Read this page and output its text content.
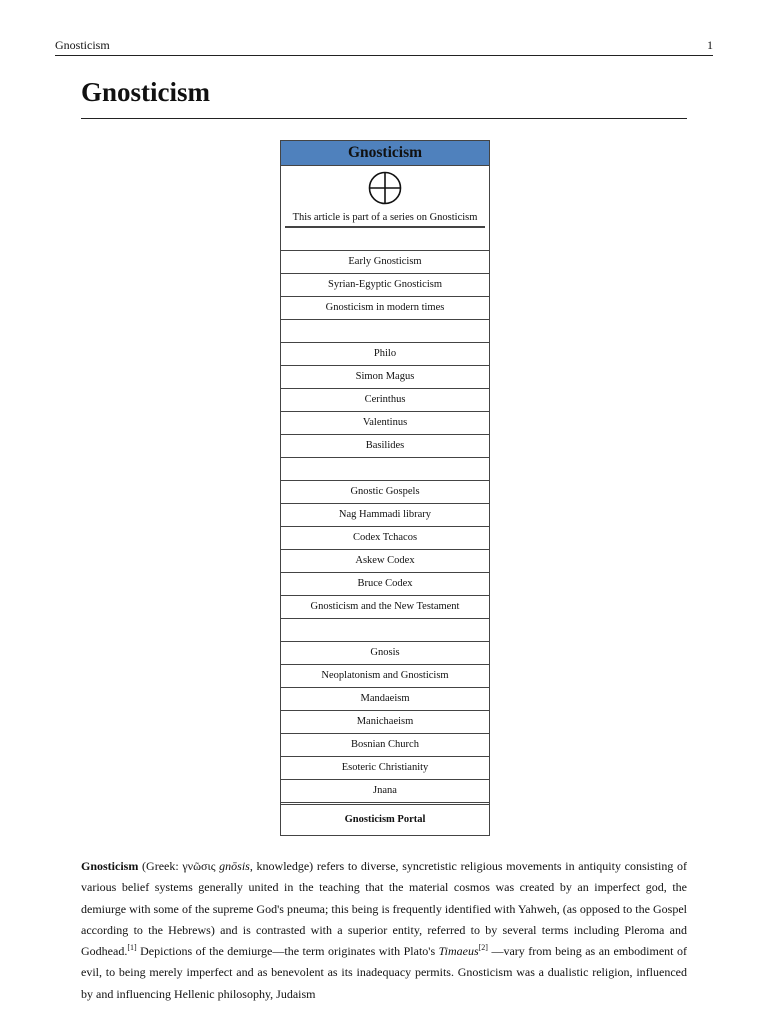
Gnosticism	1
Gnosticism
Gnosticism
This article is part of a series on Gnosticism
Early Gnosticism
Syrian-Egyptic Gnosticism
Gnosticism in modern times
Philo
Simon Magus
Cerinthus
Valentinus
Basilides
Gnostic Gospels
Nag Hammadi library
Codex Tchacos
Askew Codex
Bruce Codex
Gnosticism and the New Testament
Gnosis
Neoplatonism and Gnosticism
Mandaeism
Manichaeism
Bosnian Church
Esoteric Christianity
Jnana
Gnosticism Portal

Gnosticism (Greek: γνῶσις gnōsis, knowledge) refers to diverse, syncretistic religious movements in antiquity consisting of various belief systems generally united in the teaching that the material cosmos was created by an imperfect god, the demiurge with some of the supreme God's pneuma; this being is frequently identified with Yahweh, (as opposed to the Gospel according to the Hebrews) and is contrasted with a superior entity, referred to by several terms including Pleroma and Godhead.[1] Depictions of the demiurge—the term originates with Plato's Timaeus[2] —vary from being as an embodiment of evil, to being merely imperfect and as benevolent as its inadequacy permits. Gnosticism was a dualistic religion, influenced by and influencing Hellenic philosophy, Judaism
